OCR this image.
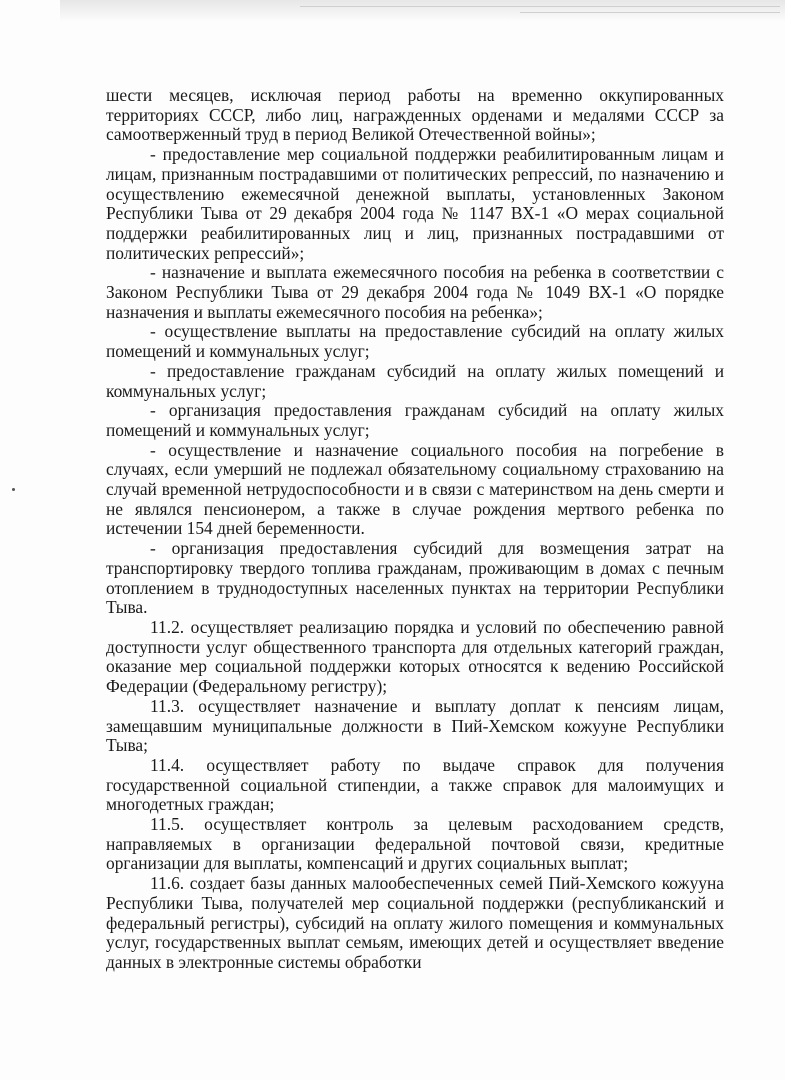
шести месяцев, исключая период работы на временно оккупированных территориях СССР, либо лиц, награжденных орденами и медалями СССР за самоотверженный труд в период Великой Отечественной войны»;

- предоставление мер социальной поддержки реабилитированным лицам и лицам, признанным пострадавшими от политических репрессий, по назначению и осуществлению ежемесячной денежной выплаты, установленных Законом Республики Тыва от 29 декабря 2004 года № 1147 ВХ-1 «О мерах социальной поддержки реабилитированных лиц и лиц, признанных пострадавшими от политических репрессий»;

- назначение и выплата ежемесячного пособия на ребенка в соответствии с Законом Республики Тыва от 29 декабря 2004 года № 1049 ВХ-1 «О порядке назначения и выплаты ежемесячного пособия на ребенка»;

- осуществление выплаты на предоставление субсидий на оплату жилых помещений и коммунальных услуг;

- предоставление гражданам субсидий на оплату жилых помещений и коммунальных услуг;

- организация предоставления гражданам субсидий на оплату жилых помещений и коммунальных услуг;

- осуществление и назначение социального пособия на погребение в случаях, если умерший не подлежал обязательному социальному страхованию на случай временной нетрудоспособности и в связи с материнством на день смерти и не являлся пенсионером, а также в случае рождения мертвого ребенка по истечении 154 дней беременности.

- организация предоставления субсидий для возмещения затрат на транспортировку твердого топлива гражданам, проживающим в домах с печным отоплением в труднодоступных населенных пунктах на территории Республики Тыва.

11.2. осуществляет реализацию порядка и условий по обеспечению равной доступности услуг общественного транспорта для отдельных категорий граждан, оказание мер социальной поддержки которых относятся к ведению Российской Федерации (Федеральному регистру);

11.3. осуществляет назначение и выплату доплат к пенсиям лицам, замещавшим муниципальные должности в Пий-Хемском кожууне Республики Тыва;

11.4. осуществляет работу по выдаче справок для получения государственной социальной стипендии, а также справок для малоимущих и многодетных граждан;

11.5. осуществляет контроль за целевым расходованием средств, направляемых в организации федеральной почтовой связи, кредитные организации для выплаты, компенсаций и других социальных выплат;

11.6. создает базы данных малообеспеченных семей Пий-Хемского кожууна Республики Тыва, получателей мер социальной поддержки (республиканский и федеральный регистры), субсидий на оплату жилого помещения и коммунальных услуг, государственных выплат семьям, имеющих детей и осуществляет введение данных в электронные системы обработки
